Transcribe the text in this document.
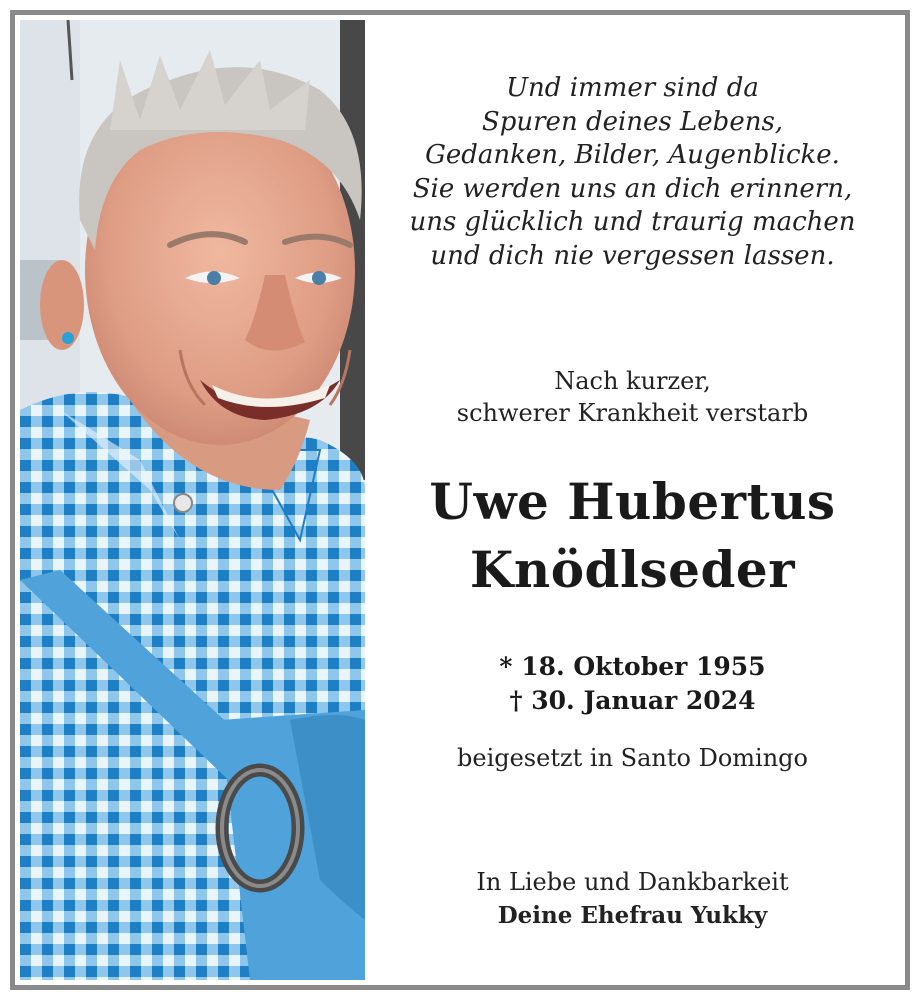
Und immer sind da
Spuren deines Lebens,
Gedanken, Bilder, Augenblicke.
Sie werden uns an dich erinnern,
uns glücklich und traurig machen
und dich nie vergessen lassen.
Nach kurzer,
schwerer Krankheit verstarb
Uwe Hubertus
Knödlseder
* 18. Oktober 1955
† 30. Januar 2024
beigesetzt in Santo Domingo
In Liebe und Dankbarkeit
Deine Ehefrau Yukky
